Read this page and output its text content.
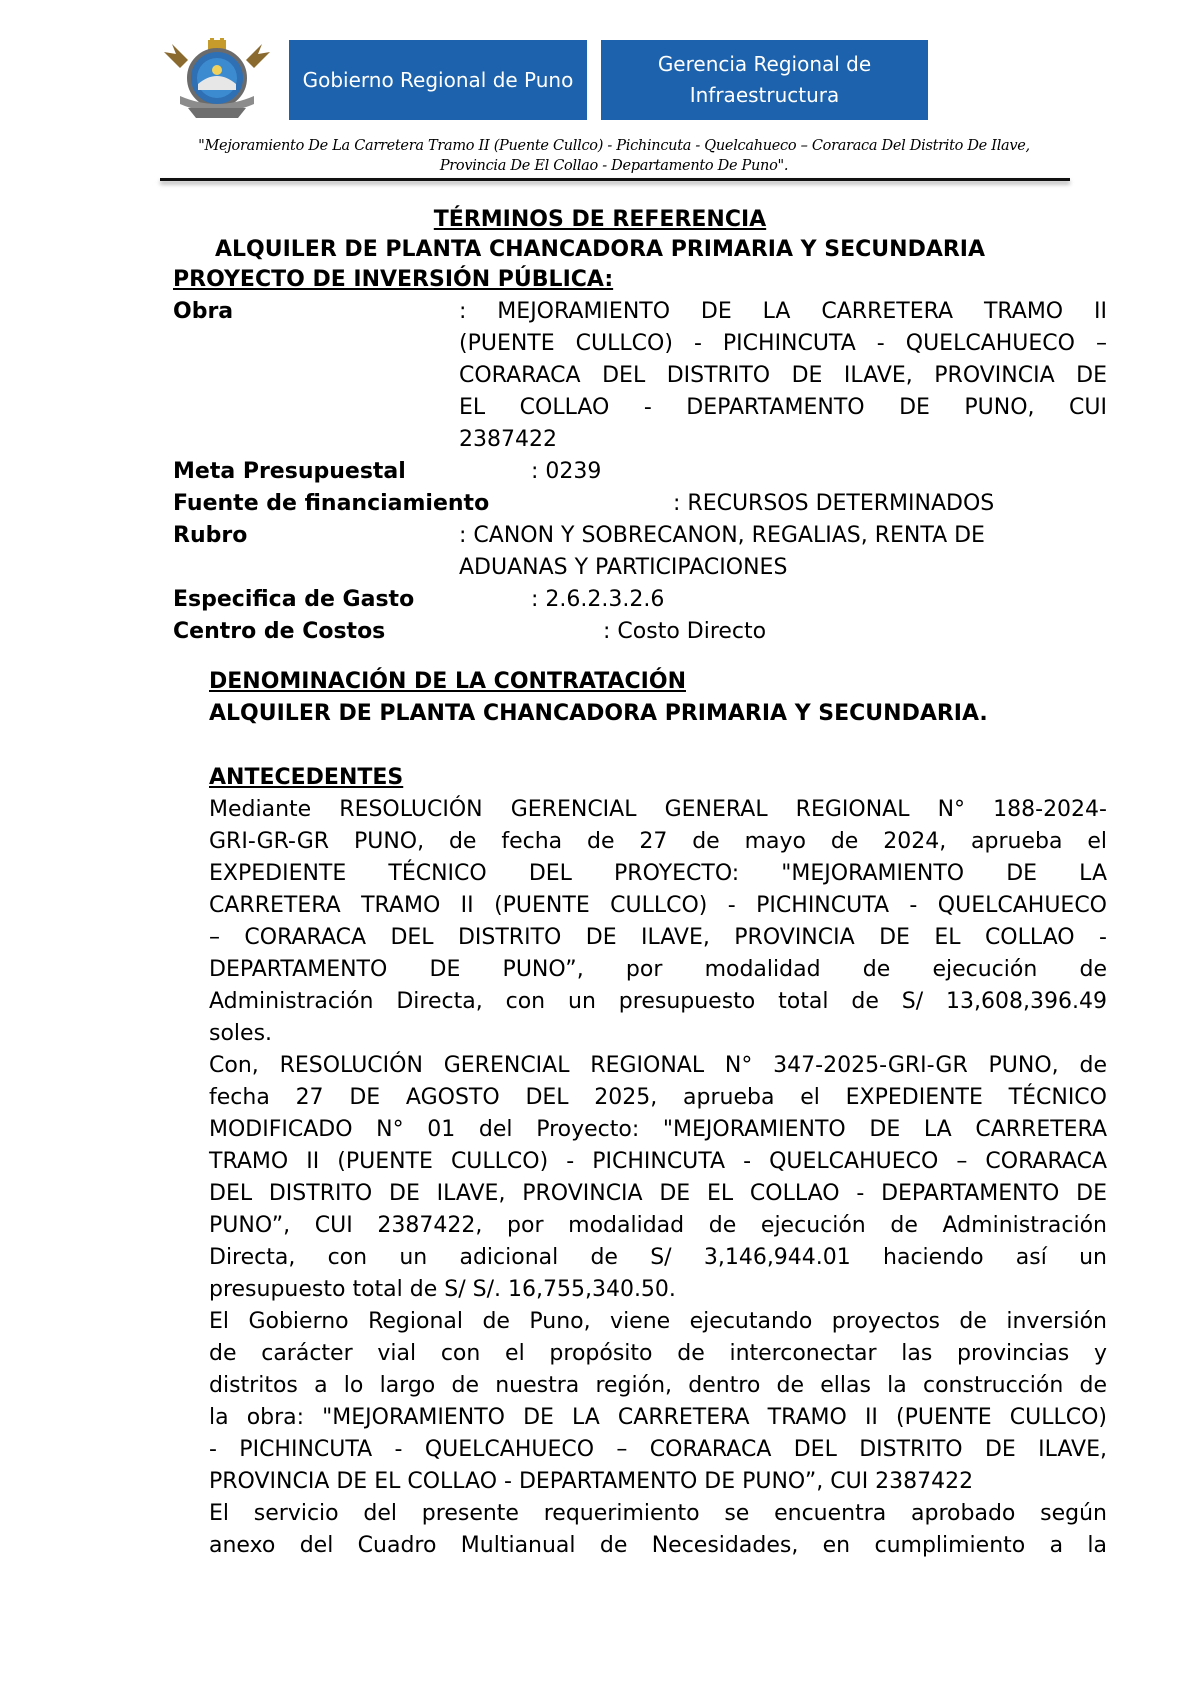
Gobierno Regional de Puno
Gerencia Regional de
Infraestructura
"Mejoramiento De La Carretera Tramo II (Puente Cullco) - Pichincuta - Quelcahueco – Coraraca Del Distrito De Ilave,
Provincia De El Collao - Departamento De Puno".
TÉRMINOS DE REFERENCIA
ALQUILER DE PLANTA CHANCADORA PRIMARIA Y SECUNDARIA
PROYECTO DE INVERSIÓN PÚBLICA:
Obra	: MEJORAMIENTO DE LA CARRETERA TRAMO II
(PUENTE CULLCO) - PICHINCUTA - QUELCAHUECO –
CORARACA DEL DISTRITO DE ILAVE, PROVINCIA DE
EL COLLAO - DEPARTAMENTO DE PUNO, CUI
2387422
Meta Presupuestal	: 0239
Fuente de financiamiento	: RECURSOS DETERMINADOS
Rubro	: CANON Y SOBRECANON, REGALIAS, RENTA DE
ADUANAS Y PARTICIPACIONES
Especifica de Gasto	: 2.6.2.3.2.6
Centro de Costos	: Costo Directo
DENOMINACIÓN DE LA CONTRATACIÓN
ALQUILER DE PLANTA CHANCADORA PRIMARIA Y SECUNDARIA.
ANTECEDENTES
Mediante RESOLUCIÓN GERENCIAL GENERAL REGIONAL N° 188-2024-
GRI-GR-GR PUNO, de fecha de 27 de mayo de 2024, aprueba el
EXPEDIENTE TÉCNICO DEL PROYECTO: "MEJORAMIENTO DE LA
CARRETERA TRAMO II (PUENTE CULLCO) - PICHINCUTA - QUELCAHUECO
– CORARACA DEL DISTRITO DE ILAVE, PROVINCIA DE EL COLLAO -
DEPARTAMENTO DE PUNO”, por modalidad de ejecución de
Administración Directa, con un presupuesto total de S/ 13,608,396.49
soles.
Con, RESOLUCIÓN GERENCIAL REGIONAL N° 347-2025-GRI-GR PUNO, de
fecha 27 DE AGOSTO DEL 2025, aprueba el EXPEDIENTE TÉCNICO
MODIFICADO N° 01 del Proyecto: "MEJORAMIENTO DE LA CARRETERA
TRAMO II (PUENTE CULLCO) - PICHINCUTA - QUELCAHUECO – CORARACA
DEL DISTRITO DE ILAVE, PROVINCIA DE EL COLLAO - DEPARTAMENTO DE
PUNO”, CUI 2387422, por modalidad de ejecución de Administración
Directa, con un adicional de S/ 3,146,944.01 haciendo así un
presupuesto total de S/ S/. 16,755,340.50.
El Gobierno Regional de Puno, viene ejecutando proyectos de inversión
de carácter vial con el propósito de interconectar las provincias y
distritos a lo largo de nuestra región, dentro de ellas la construcción de
la obra: "MEJORAMIENTO DE LA CARRETERA TRAMO II (PUENTE CULLCO)
- PICHINCUTA - QUELCAHUECO – CORARACA DEL DISTRITO DE ILAVE,
PROVINCIA DE EL COLLAO - DEPARTAMENTO DE PUNO”, CUI 2387422
El servicio del presente requerimiento se encuentra aprobado según
anexo del Cuadro Multianual de Necesidades, en cumplimiento a la
